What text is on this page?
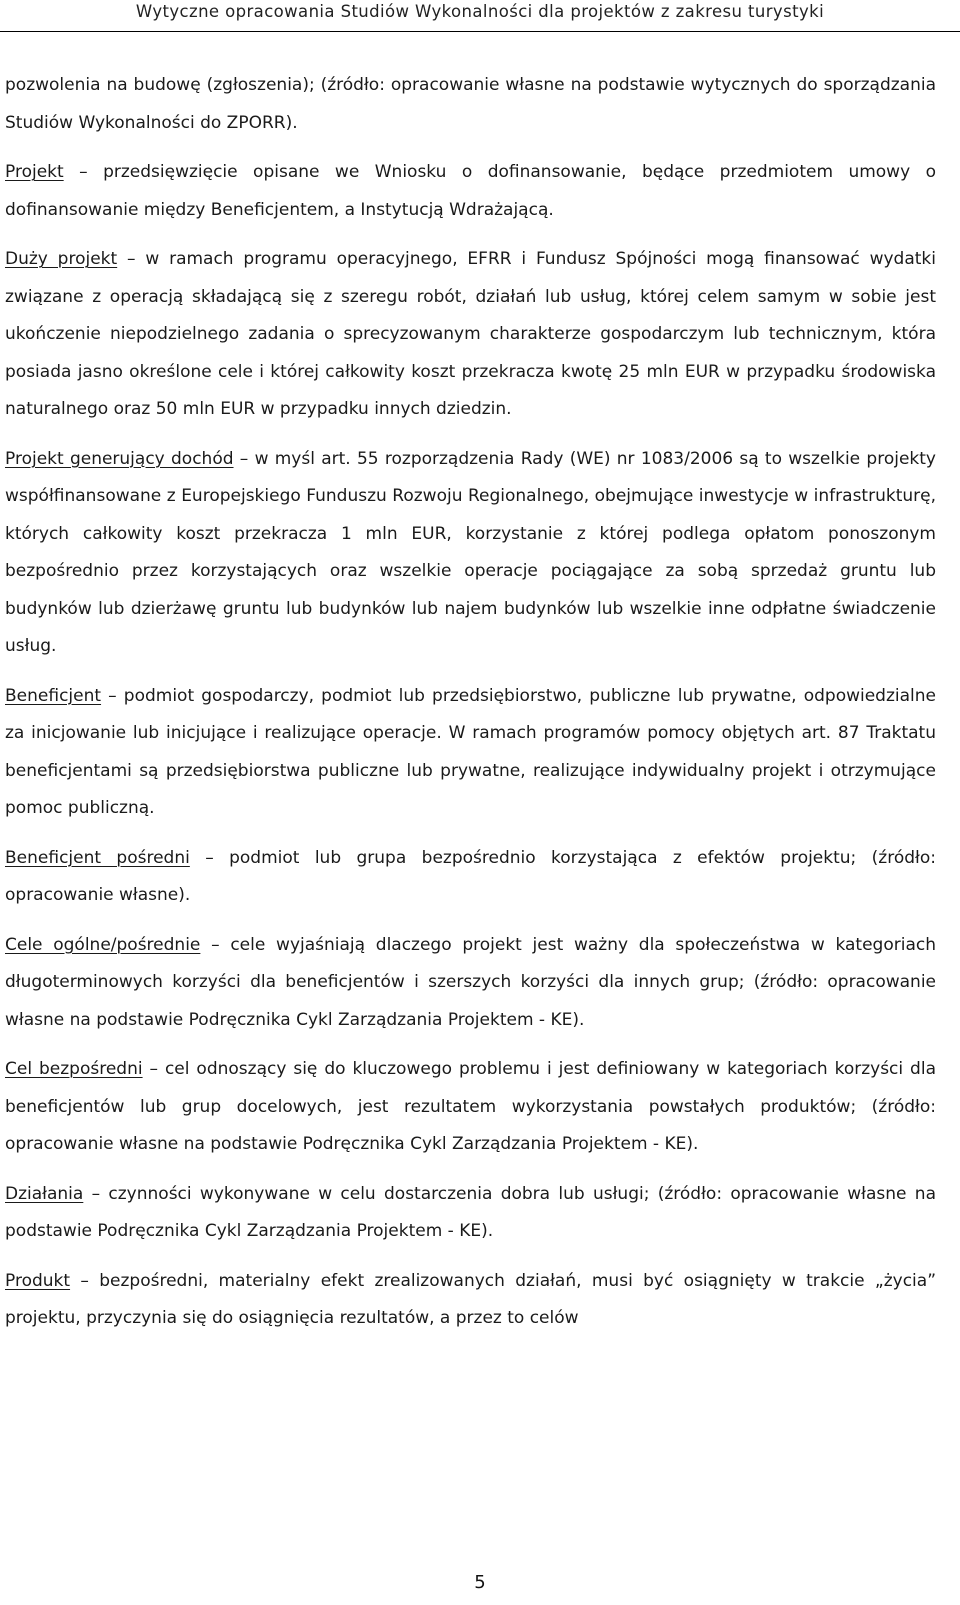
Wytyczne opracowania Studiów Wykonalności dla projektów z zakresu turystyki

pozwolenia na budowę (zgłoszenia); (źródło: opracowanie własne na podstawie wytycznych do sporządzania Studiów Wykonalności do ZPORR).

Projekt – przedsięwzięcie opisane we Wniosku o dofinansowanie, będące przedmiotem umowy o dofinansowanie między Beneficjentem, a Instytucją Wdrażającą.

Duży projekt – w ramach programu operacyjnego, EFRR i Fundusz Spójności mogą finansować wydatki związane z operacją składającą się z szeregu robót, działań lub usług, której celem samym w sobie jest ukończenie niepodzielnego zadania o sprecyzowanym charakterze gospodarczym lub technicznym, która posiada jasno określone cele i której całkowity koszt przekracza kwotę 25 mln EUR w przypadku środowiska naturalnego oraz 50 mln EUR w przypadku innych dziedzin.

Projekt generujący dochód – w myśl art. 55 rozporządzenia Rady (WE) nr 1083/2006 są to wszelkie projekty współfinansowane z Europejskiego Funduszu Rozwoju Regionalnego, obejmujące inwestycje w infrastrukturę, których całkowity koszt przekracza 1 mln EUR, korzystanie z której podlega opłatom ponoszonym bezpośrednio przez korzystających oraz wszelkie operacje pociągające za sobą sprzedaż gruntu lub budynków lub dzierżawę gruntu lub budynków lub najem budynków lub wszelkie inne odpłatne świadczenie usług.

Beneficjent – podmiot gospodarczy, podmiot lub przedsiębiorstwo, publiczne lub prywatne, odpowiedzialne za inicjowanie lub inicjujące i realizujące operacje. W ramach programów pomocy objętych art. 87 Traktatu beneficjentami są przedsiębiorstwa publiczne lub prywatne, realizujące indywidualny projekt i otrzymujące pomoc publiczną.

Beneficjent pośredni – podmiot lub grupa bezpośrednio korzystająca z efektów projektu; (źródło: opracowanie własne).

Cele ogólne/pośrednie – cele wyjaśniają dlaczego projekt jest ważny dla społeczeństwa w kategoriach długoterminowych korzyści dla beneficjentów i szerszych korzyści dla innych grup; (źródło: opracowanie własne na podstawie Podręcznika Cykl Zarządzania Projektem - KE).

Cel bezpośredni – cel odnoszący się do kluczowego problemu i jest definiowany w kategoriach korzyści dla beneficjentów lub grup docelowych, jest rezultatem wykorzystania powstałych produktów; (źródło: opracowanie własne na podstawie Podręcznika Cykl Zarządzania Projektem - KE).

Działania – czynności wykonywane w celu dostarczenia dobra lub usługi; (źródło: opracowanie własne na podstawie Podręcznika Cykl Zarządzania Projektem - KE).

Produkt – bezpośredni, materialny efekt zrealizowanych działań, musi być osiągnięty w trakcie „życia” projektu, przyczynia się do osiągnięcia rezultatów, a przez to celów

5
